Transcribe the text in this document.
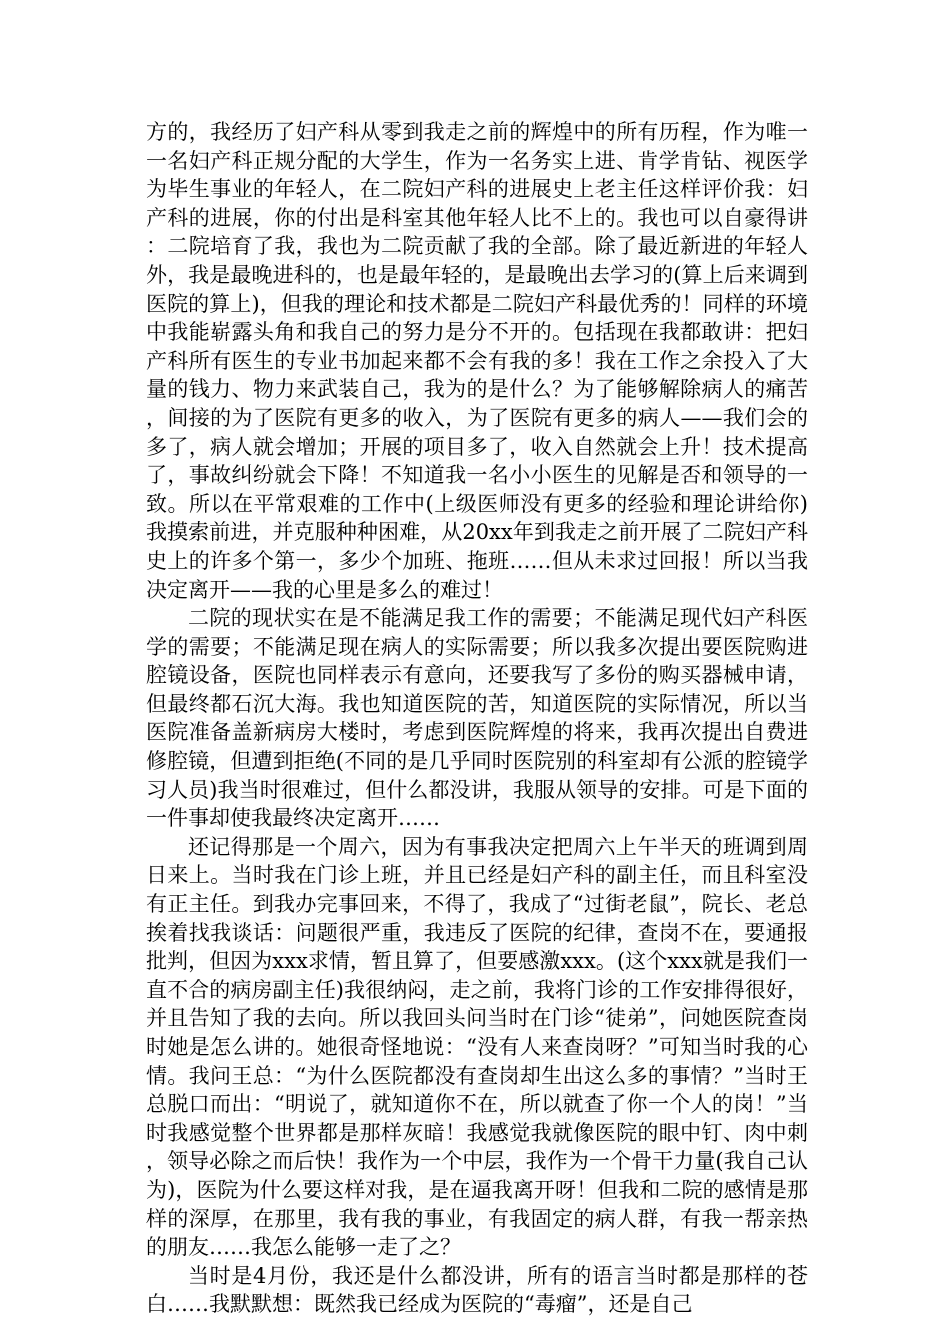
方的，我经历了妇产科从零到我走之前的辉煌中的所有历程，作为唯一一名妇产科正规分配的大学生，作为一名务实上进、肯学肯钻、视医学为毕生事业的年轻人，在二院妇产科的进展史上老主任这样评价我：妇产科的进展，你的付出是科室其他年轻人比不上的。我也可以自豪得讲：二院培育了我，我也为二院贡献了我的全部。除了最近新进的年轻人外，我是最晚进科的，也是最年轻的，是最晚出去学习的(算上后来调到医院的算上)，但我的理论和技术都是二院妇产科最优秀的！同样的环境中我能崭露头角和我自己的努力是分不开的。包括现在我都敢讲：把妇产科所有医生的专业书加起来都不会有我的多！我在工作之余投入了大量的钱力、物力来武装自己，我为的是什么？为了能够解除病人的痛苦，间接的为了医院有更多的收入，为了医院有更多的病人——我们会的多了，病人就会增加；开展的项目多了，收入自然就会上升！技术提高了，事故纠纷就会下降！不知道我一名小小医生的见解是否和领导的一致。所以在平常艰难的工作中(上级医师没有更多的经验和理论讲给你)我摸索前进，并克服种种困难，从20xx年到我走之前开展了二院妇产科史上的许多个第一，多少个加班、拖班……但从未求过回报！所以当我决定离开——我的心里是多么的难过！

二院的现状实在是不能满足我工作的需要；不能满足现代妇产科医学的需要；不能满足现在病人的实际需要；所以我多次提出要医院购进腔镜设备，医院也同样表示有意向，还要我写了多份的购买器械申请，但最终都石沉大海。我也知道医院的苦，知道医院的实际情况，所以当医院准备盖新病房大楼时，考虑到医院辉煌的将来，我再次提出自费进修腔镜，但遭到拒绝(不同的是几乎同时医院别的科室却有公派的腔镜学习人员)我当时很难过，但什么都没讲，我服从领导的安排。可是下面的一件事却使我最终决定离开……

还记得那是一个周六，因为有事我决定把周六上午半天的班调到周日来上。当时我在门诊上班，并且已经是妇产科的副主任，而且科室没有正主任。到我办完事回来，不得了，我成了“过街老鼠”，院长、老总挨着找我谈话：问题很严重，我违反了医院的纪律，查岗不在，要通报批判，但因为xxx求情，暂且算了，但要感激xxx。(这个xxx就是我们一直不合的病房副主任)我很纳闷，走之前，我将门诊的工作安排得很好，并且告知了我的去向。所以我回头问当时在门诊“徒弟”，问她医院查岗时她是怎么讲的。她很奇怪地说：“没有人来查岗呀？”可知当时我的心情。我问王总：“为什么医院都没有查岗却生出这么多的事情？”当时王总脱口而出：“明说了，就知道你不在，所以就查了你一个人的岗！”当时我感觉整个世界都是那样灰暗！我感觉我就像医院的眼中钉、肉中刺，领导必除之而后快！我作为一个中层，我作为一个骨干力量(我自己认为)，医院为什么要这样对我，是在逼我离开呀！但我和二院的感情是那样的深厚，在那里，我有我的事业，有我固定的病人群，有我一帮亲热的朋友……我怎么能够一走了之？

当时是4月份，我还是什么都没讲，所有的语言当时都是那样的苍白……我默默想：既然我已经成为医院的“毒瘤”，还是自己
